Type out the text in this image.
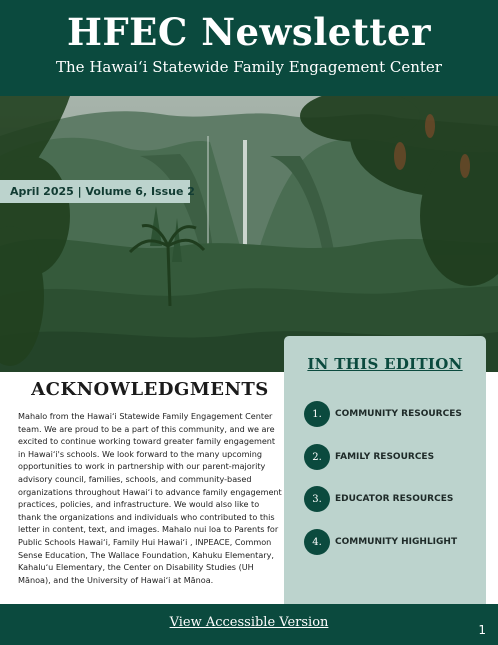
HFEC Newsletter
The Hawaiʻi Statewide Family Engagement Center
April 2025 | Volume 6, Issue 2
ACKNOWLEDGMENTS
Mahalo from the Hawaiʻi Statewide Family Engagement Center team. We are proud to be a part of this community, and we are excited to continue working toward greater family engagement in Hawaiʻi's schools. We look forward to the many upcoming opportunities to work in partnership with our parent-majority advisory council, families, schools, and community-based organizations throughout Hawaiʻi to advance family engagement practices, policies, and infrastructure. We would also like to thank the organizations and individuals who contributed to this letter in content, text, and images. Mahalo nui loa to Parents for Public Schools Hawaiʻi, Family Hui Hawaiʻi , INPEACE, Common Sense Education, The Wallace Foundation, Kahuku Elementary, Kahaluʻu Elementary, the Center on Disability Studies (UH Mānoa), and the University of Hawaiʻi at Mānoa.
IN THIS EDITION
1.	COMMUNITY RESOURCES
2.	FAMILY RESOURCES
3.	EDUCATOR RESOURCES
4.	COMMUNITY HIGHLIGHT
View Accessible Version	1
